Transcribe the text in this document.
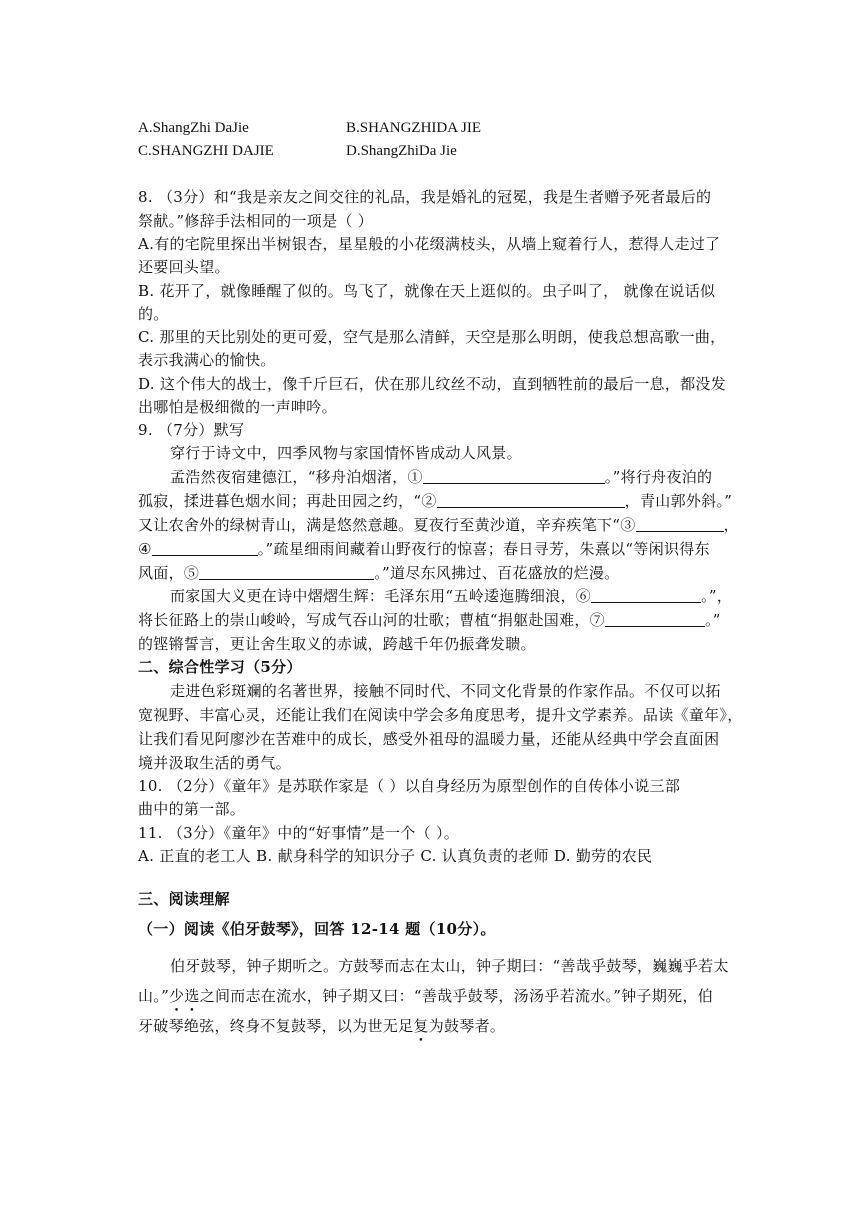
A.ShangZhi DaJie	B.SHANGZHIDA JIE
C.SHANGZHI DAJIE	D.ShangZhiDa Jie
8. （3分）和“我是亲友之间交往的礼品，我是婚礼的冠冕，我是生者赠予死者最后的
祭献。”修辞手法相同的一项是（ ）
A.有的宅院里探出半树银杏，星星般的小花缀满枝头，从墙上窥着行人，惹得人走过了
还要回头望。
B. 花开了，就像睡醒了似的。鸟飞了，就像在天上逛似的。虫子叫了， 就像在说话似
的。
C. 那里的天比别处的更可爱，空气是那么清鲜，天空是那么明朗，使我总想高歌一曲，
表示我满心的愉快。
D. 这个伟大的战士，像千斤巨石，伏在那儿纹丝不动，直到牺牲前的最后一息，都没发
出哪怕是极细微的一声呻吟。
9. （7分）默写
穿行于诗文中，四季风物与家国情怀皆成动人风景。
孟浩然夜宿建德江，“移舟泊烟渚，①	。”将行舟夜泊的
孤寂，揉进暮色烟水间；再赴田园之约，“②	，青山郭外斜。”
又让农舍外的绿树青山，满是悠然意趣。夏夜行至黄沙道，辛弃疾笔下“③	，
④	。”疏星细雨间藏着山野夜行的惊喜；春日寻芳，朱熹以“等闲识得东
风面，⑤	。”道尽东风拂过、百花盛放的烂漫。
而家国大义更在诗中熠熠生辉：毛泽东用“五岭逶迤腾细浪，⑥	。”，
将长征路上的崇山峻岭，写成气吞山河的壮歌；曹植“捐躯赴国难，⑦	。”
的铿锵誓言，更让舍生取义的赤诚，跨越千年仍振聋发聩。
二、综合性学习（5分）
走进色彩斑斓的名著世界，接触不同时代、不同文化背景的作家作品。不仅可以拓
宽视野、丰富心灵，还能让我们在阅读中学会多角度思考，提升文学素养。品读《童年》，
让我们看见阿廖沙在苦难中的成长，感受外祖母的温暖力量，还能从经典中学会直面困
境并汲取生活的勇气。
10. （2分）《童年》是苏联作家是（ ）以自身经历为原型创作的自传体小说三部
曲中的第一部。
11. （3分）《童年》中的“好事情”是一个（ ）。
A. 正直的老工人 B. 献身科学的知识分子 C. 认真负责的老师 D. 勤劳的农民
三、阅读理解
（一）阅读《伯牙鼓琴》，回答 12-14 题（10分）。
伯牙鼓琴，钟子期听之。方鼓琴而志在太山，钟子期曰：“善哉乎鼓琴，巍巍乎若太
山。”少选之间而志在流水，钟子期又曰：“善哉乎鼓琴，汤汤乎若流水。”钟子期死，伯
牙破琴绝弦，终身不复鼓琴，以为世无足复为鼓琴者。
